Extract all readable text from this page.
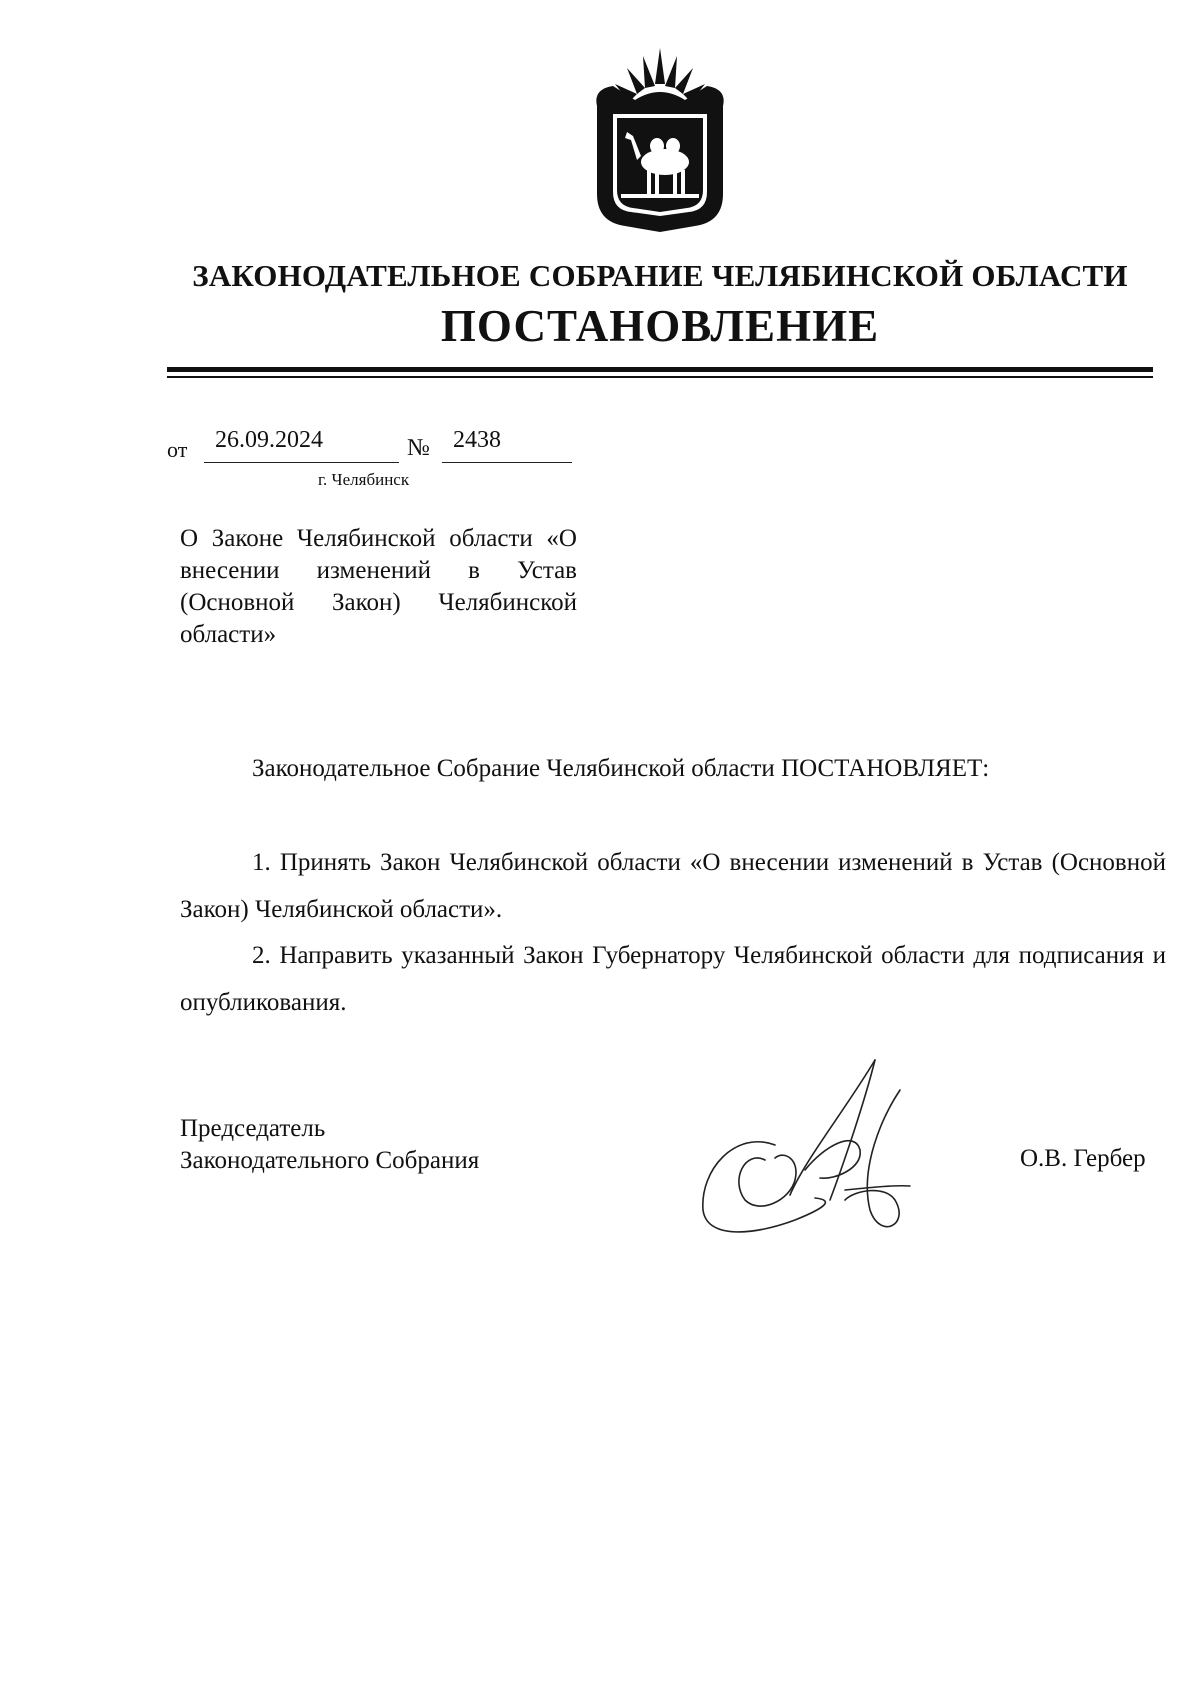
ЗАКОНОДАТЕЛЬНОЕ СОБРАНИЕ ЧЕЛЯБИНСКОЙ ОБЛАСТИ
ПОСТАНОВЛЕНИЕ
от 26.09.2024	№ 2438
г. Челябинск

О Законе Челябинской области «О внесении изменений в Устав (Основной Закон) Челябинской области»

Законодательное Собрание Челябинской области ПОСТАНОВЛЯЕТ:

1. Принять Закон Челябинской области «О внесении изменений в Устав (Основной Закон) Челябинской области».

2. Направить указанный Закон Губернатору Челябинской области для подписания и опубликования.

Председатель
Законодательного Собрания	О.В. Гербер
